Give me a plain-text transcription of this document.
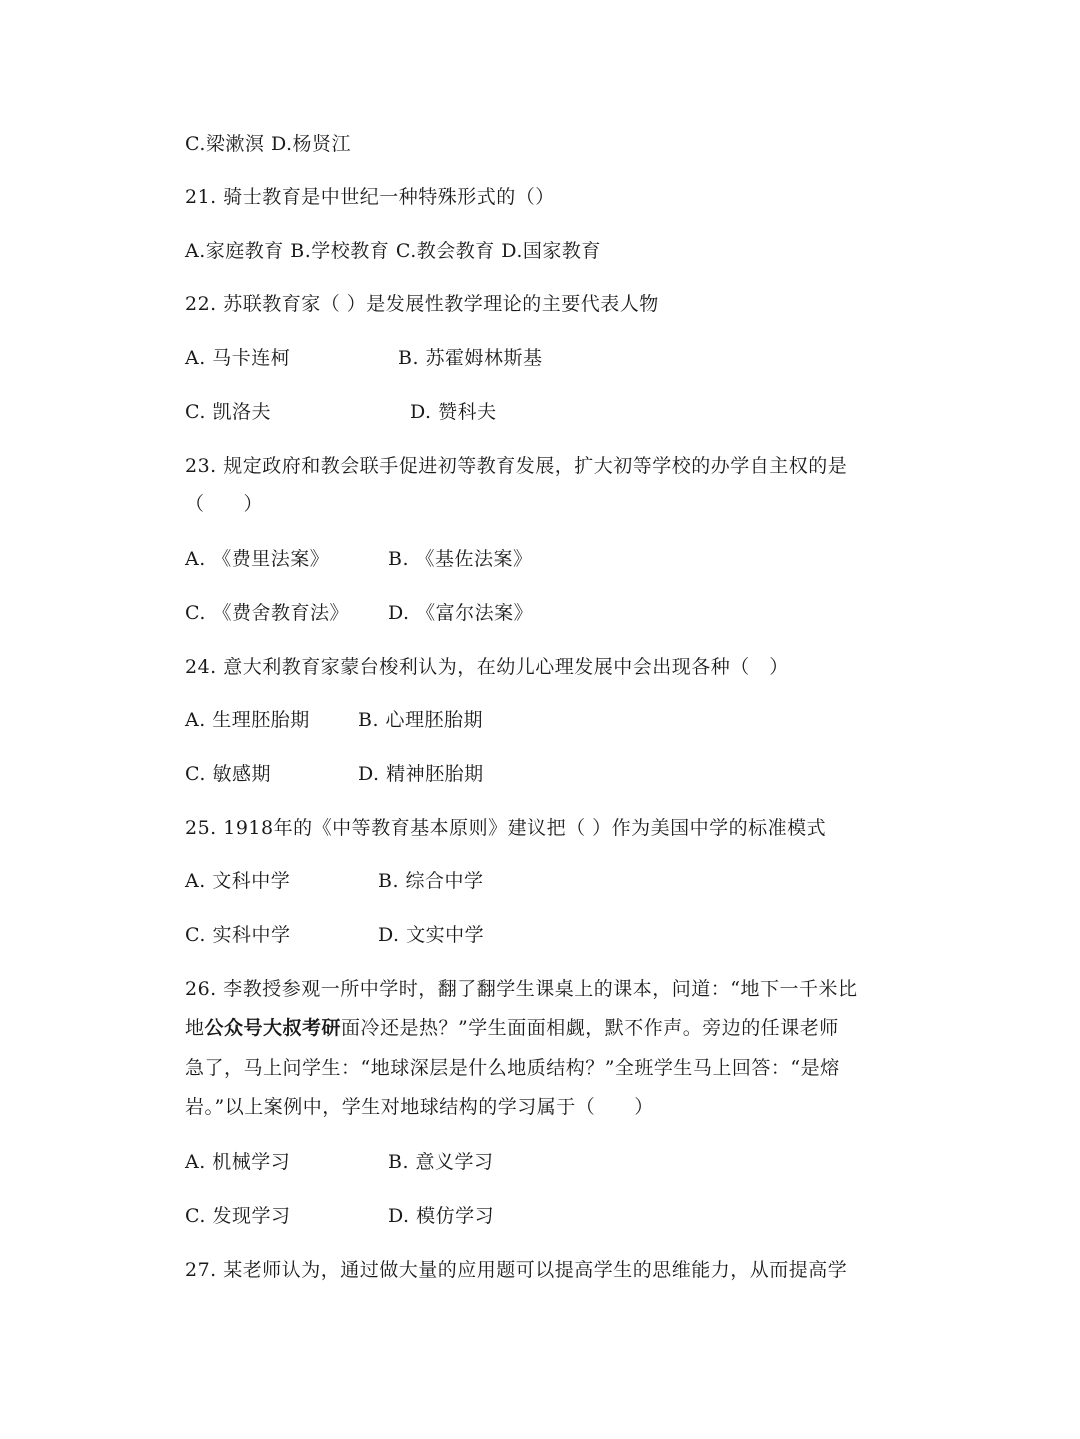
C.梁漱溟 D.杨贤江
21. 骑士教育是中世纪一种特殊形式的（）
A.家庭教育 B.学校教育 C.教会教育 D.国家教育
22. 苏联教育家（ ）是发展性教学理论的主要代表人物
A. 马卡连柯	B. 苏霍姆林斯基
C. 凯洛夫	D. 赞科夫
23. 规定政府和教会联手促进初等教育发展，扩大初等学校的办学自主权的是
（　　）
A. 《费里法案》	B. 《基佐法案》
C. 《费舍教育法》 D. 《富尔法案》
24. 意大利教育家蒙台梭利认为，在幼儿心理发展中会出现各种（　）
A. 生理胚胎期	B. 心理胚胎期
C. 敏感期	D. 精神胚胎期
25. 1918年的《中等教育基本原则》建议把（ ）作为美国中学的标准模式
A. 文科中学	B. 综合中学
C. 实科中学	D. 文实中学
26. 李教授参观一所中学时，翻了翻学生课桌上的课本，问道：“地下一千米比
地公众号大叔考研面冷还是热？”学生面面相觑，默不作声。旁边的任课老师
急了，马上问学生：“地球深层是什么地质结构？”全班学生马上回答：“是熔
岩。”以上案例中，学生对地球结构的学习属于（　　）
A. 机械学习	B. 意义学习
C. 发现学习	D. 模仿学习
27. 某老师认为，通过做大量的应用题可以提高学生的思维能力，从而提高学
